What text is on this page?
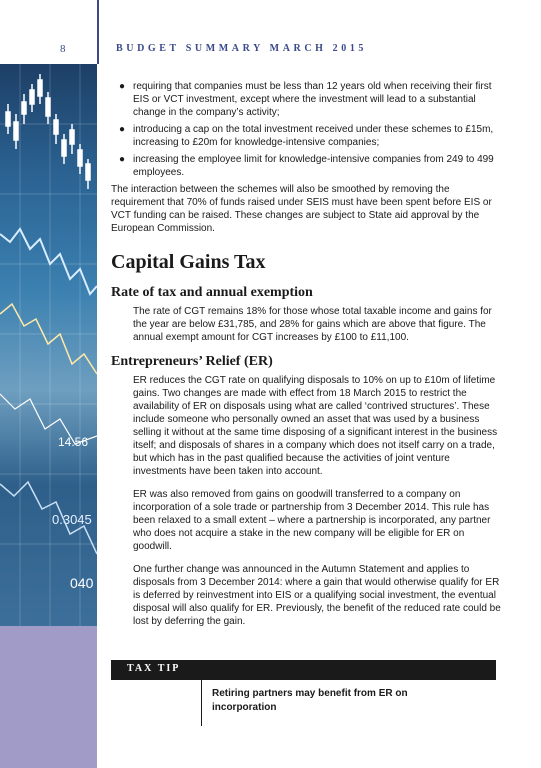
8	BUDGET SUMMARY MARCH 2015
14.56
0.3045
040
● requiring that companies must be less than 12 years old when receiving their first EIS or VCT investment, except where the investment will lead to a substantial change in the company’s activity;
● introducing a cap on the total investment received under these schemes to £15m, increasing to £20m for knowledge-intensive companies;
● increasing the employee limit for knowledge-intensive companies from 249 to 499 employees.

The interaction between the schemes will also be smoothed by removing the requirement that 70% of funds raised under SEIS must have been spent before EIS or VCT funding can be raised. These changes are subject to State aid approval by the European Commission.

Capital Gains Tax
Rate of tax and annual exemption

The rate of CGT remains 18% for those whose total taxable income and gains for the year are below £31,785, and 28% for gains which are above that figure. The annual exempt amount for CGT increases by £100 to £11,100.

Entrepreneurs’ Relief (ER)

ER reduces the CGT rate on qualifying disposals to 10% on up to £10m of lifetime gains. Two changes are made with effect from 18 March 2015 to restrict the availability of ER on disposals using what are called ‘contrived structures’. These include someone who personally owned an asset that was used by a business selling it without at the same time disposing of a significant interest in the business itself; and disposals of shares in a company which does not itself carry on a trade, but which has in the past qualified because the activities of joint venture investments have been taken into account.

ER was also removed from gains on goodwill transferred to a company on incorporation of a sole trade or partnership from 3 December 2014. This rule has been relaxed to a small extent – where a partnership is incorporated, any partner who does not acquire a stake in the new company will be eligible for ER on goodwill.

One further change was announced in the Autumn Statement and applies to disposals from 3 December 2014: where a gain that would otherwise qualify for ER is deferred by reinvestment into EIS or a qualifying social investment, the eventual disposal will also qualify for ER. Previously, the benefit of the reduced rate could be lost by deferring the gain.

TAX TIP
Retiring partners may benefit from ER on incorporation
